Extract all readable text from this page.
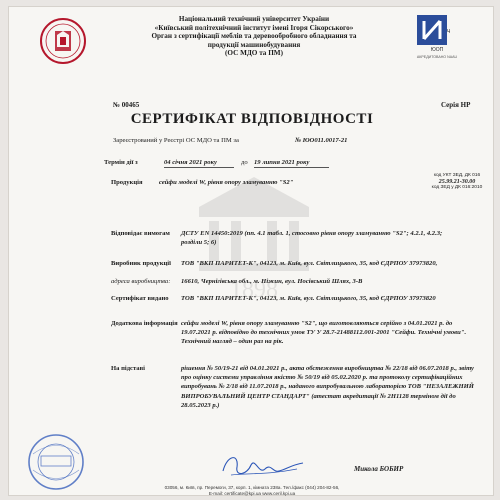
Національний технічний університет України
«Київський політехнічний інститут імені Ігоря Сікорського»
Орган з сертифікації меблів та деревообробного обладнання та
продукції машинобудування
(ОС МДО та ПМ)
Ч
ЮОП
АКРЕДИТОВАНО NAAU
№ 00465	Серія НР
СЕРТИФІКАТ ВІДПОВІДНОСТІ
1898
Зареєстрований у Реєстрі ОС МДО та ПМ за	№ ЮО011.0017-21
Термін дії з	04 січня 2021 року	до 19 липня 2021 року
Продукція сейфи моделі W, рівня опору зламуванню "S2"
код УКТ ЗЕД, ДК 016
25.99.21-30.00
код ЗЕД у ДК 016:2010
Відповідає вимогам ДСТУ EN 14450:2019 (пп. 4.1 табл. 1, стосовно рівня опору зламуванню "S2"; 4.2.1, 4.2.3; розділи 5; 6)
Виробник продукції ТОВ "ВКП ПАРИТЕТ-К", 04123, м. Київ, вул. Світлицького, 35, код ЄДРПОУ 37973820,
адреса виробництва: 16610, Чернігівська обл., м. Ніжин, вул. Носівський Шлях, 3-В
Сертифікат видано ТОВ "ВКП ПАРИТЕТ-К", 04123, м. Київ, вул. Світлицького, 35, код ЄДРПОУ 37973820
Додаткова інформація сейфи моделі W, рівня опору зламуванню "S2", що виготовляються серійно з 04.01.2021 р. до 19.07.2021 р. відповідно до технічних умов ТУ У 28.7-21488112.001-2001 "Сейфи. Технічні умови". Технічний нагляд – один раз на рік.
На підставі	рішення № 50/19-21 від 04.01.2021 р., акта обстеження виробництва № 22/18 від 06.07.2018 р., звіту про оцінку системи управління якістю № 50/19 від 05.02.2020 р. та протоколу сертифікаційних випробувань № 2/18 від 11.07.2018 р., наданого випробувальною лабораторією ТОВ "НЕЗАЛЕЖНИЙ ВИПРОБУВАЛЬНИЙ ЦЕНТР СТАНДАРТ" (атестат акредитації № 2Н1128 терміном дії до 28.05.2023 р.)
Микола БОБИР
03056, м. Київ, пр. Перемоги, 37, корп. 1, кімната 238а. Тел./факс (044) 204-82-56,
E-mail: certificate@kpi.ua www.ceril.kpi.ua
